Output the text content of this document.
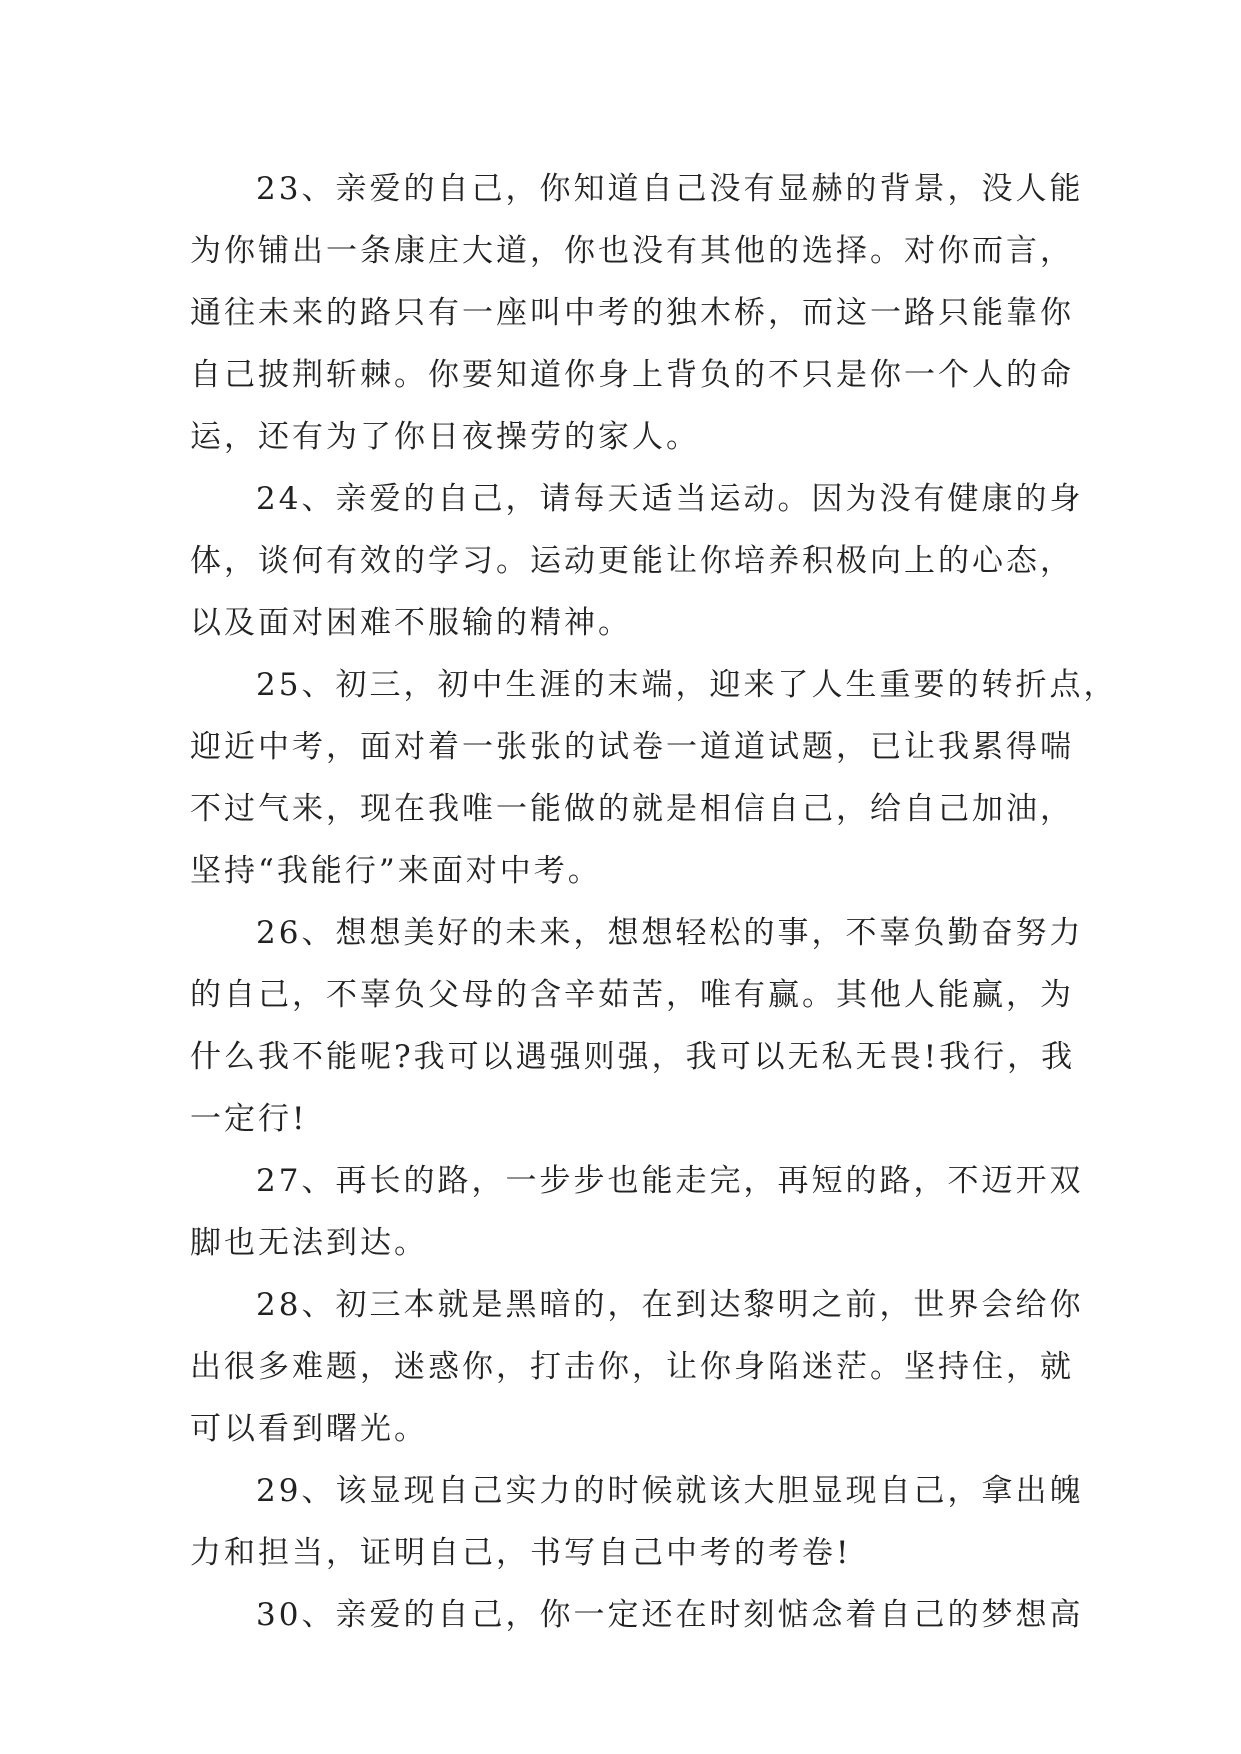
23、亲爱的自己，你知道自己没有显赫的背景，没人能
为你铺出一条康庄大道，你也没有其他的选择。对你而言，
通往未来的路只有一座叫中考的独木桥，而这一路只能靠你
自己披荆斩棘。你要知道你身上背负的不只是你一个人的命
运，还有为了你日夜操劳的家人。
24、亲爱的自己，请每天适当运动。因为没有健康的身
体，谈何有效的学习。运动更能让你培养积极向上的心态，
以及面对困难不服输的精神。
25、初三，初中生涯的末端，迎来了人生重要的转折点，
迎近中考，面对着一张张的试卷一道道试题，已让我累得喘
不过气来，现在我唯一能做的就是相信自己，给自己加油，
坚持“我能行”来面对中考。
26、想想美好的未来，想想轻松的事，不辜负勤奋努力
的自己，不辜负父母的含辛茹苦，唯有赢。其他人能赢，为
什么我不能呢?我可以遇强则强，我可以无私无畏!我行，我
一定行!
27、再长的路，一步步也能走完，再短的路，不迈开双
脚也无法到达。
28、初三本就是黑暗的，在到达黎明之前，世界会给你
出很多难题，迷惑你，打击你，让你身陷迷茫。坚持住，就
可以看到曙光。
29、该显现自己实力的时候就该大胆显现自己，拿出魄
力和担当，证明自己，书写自己中考的考卷!
30、亲爱的自己，你一定还在时刻惦念着自己的梦想高
